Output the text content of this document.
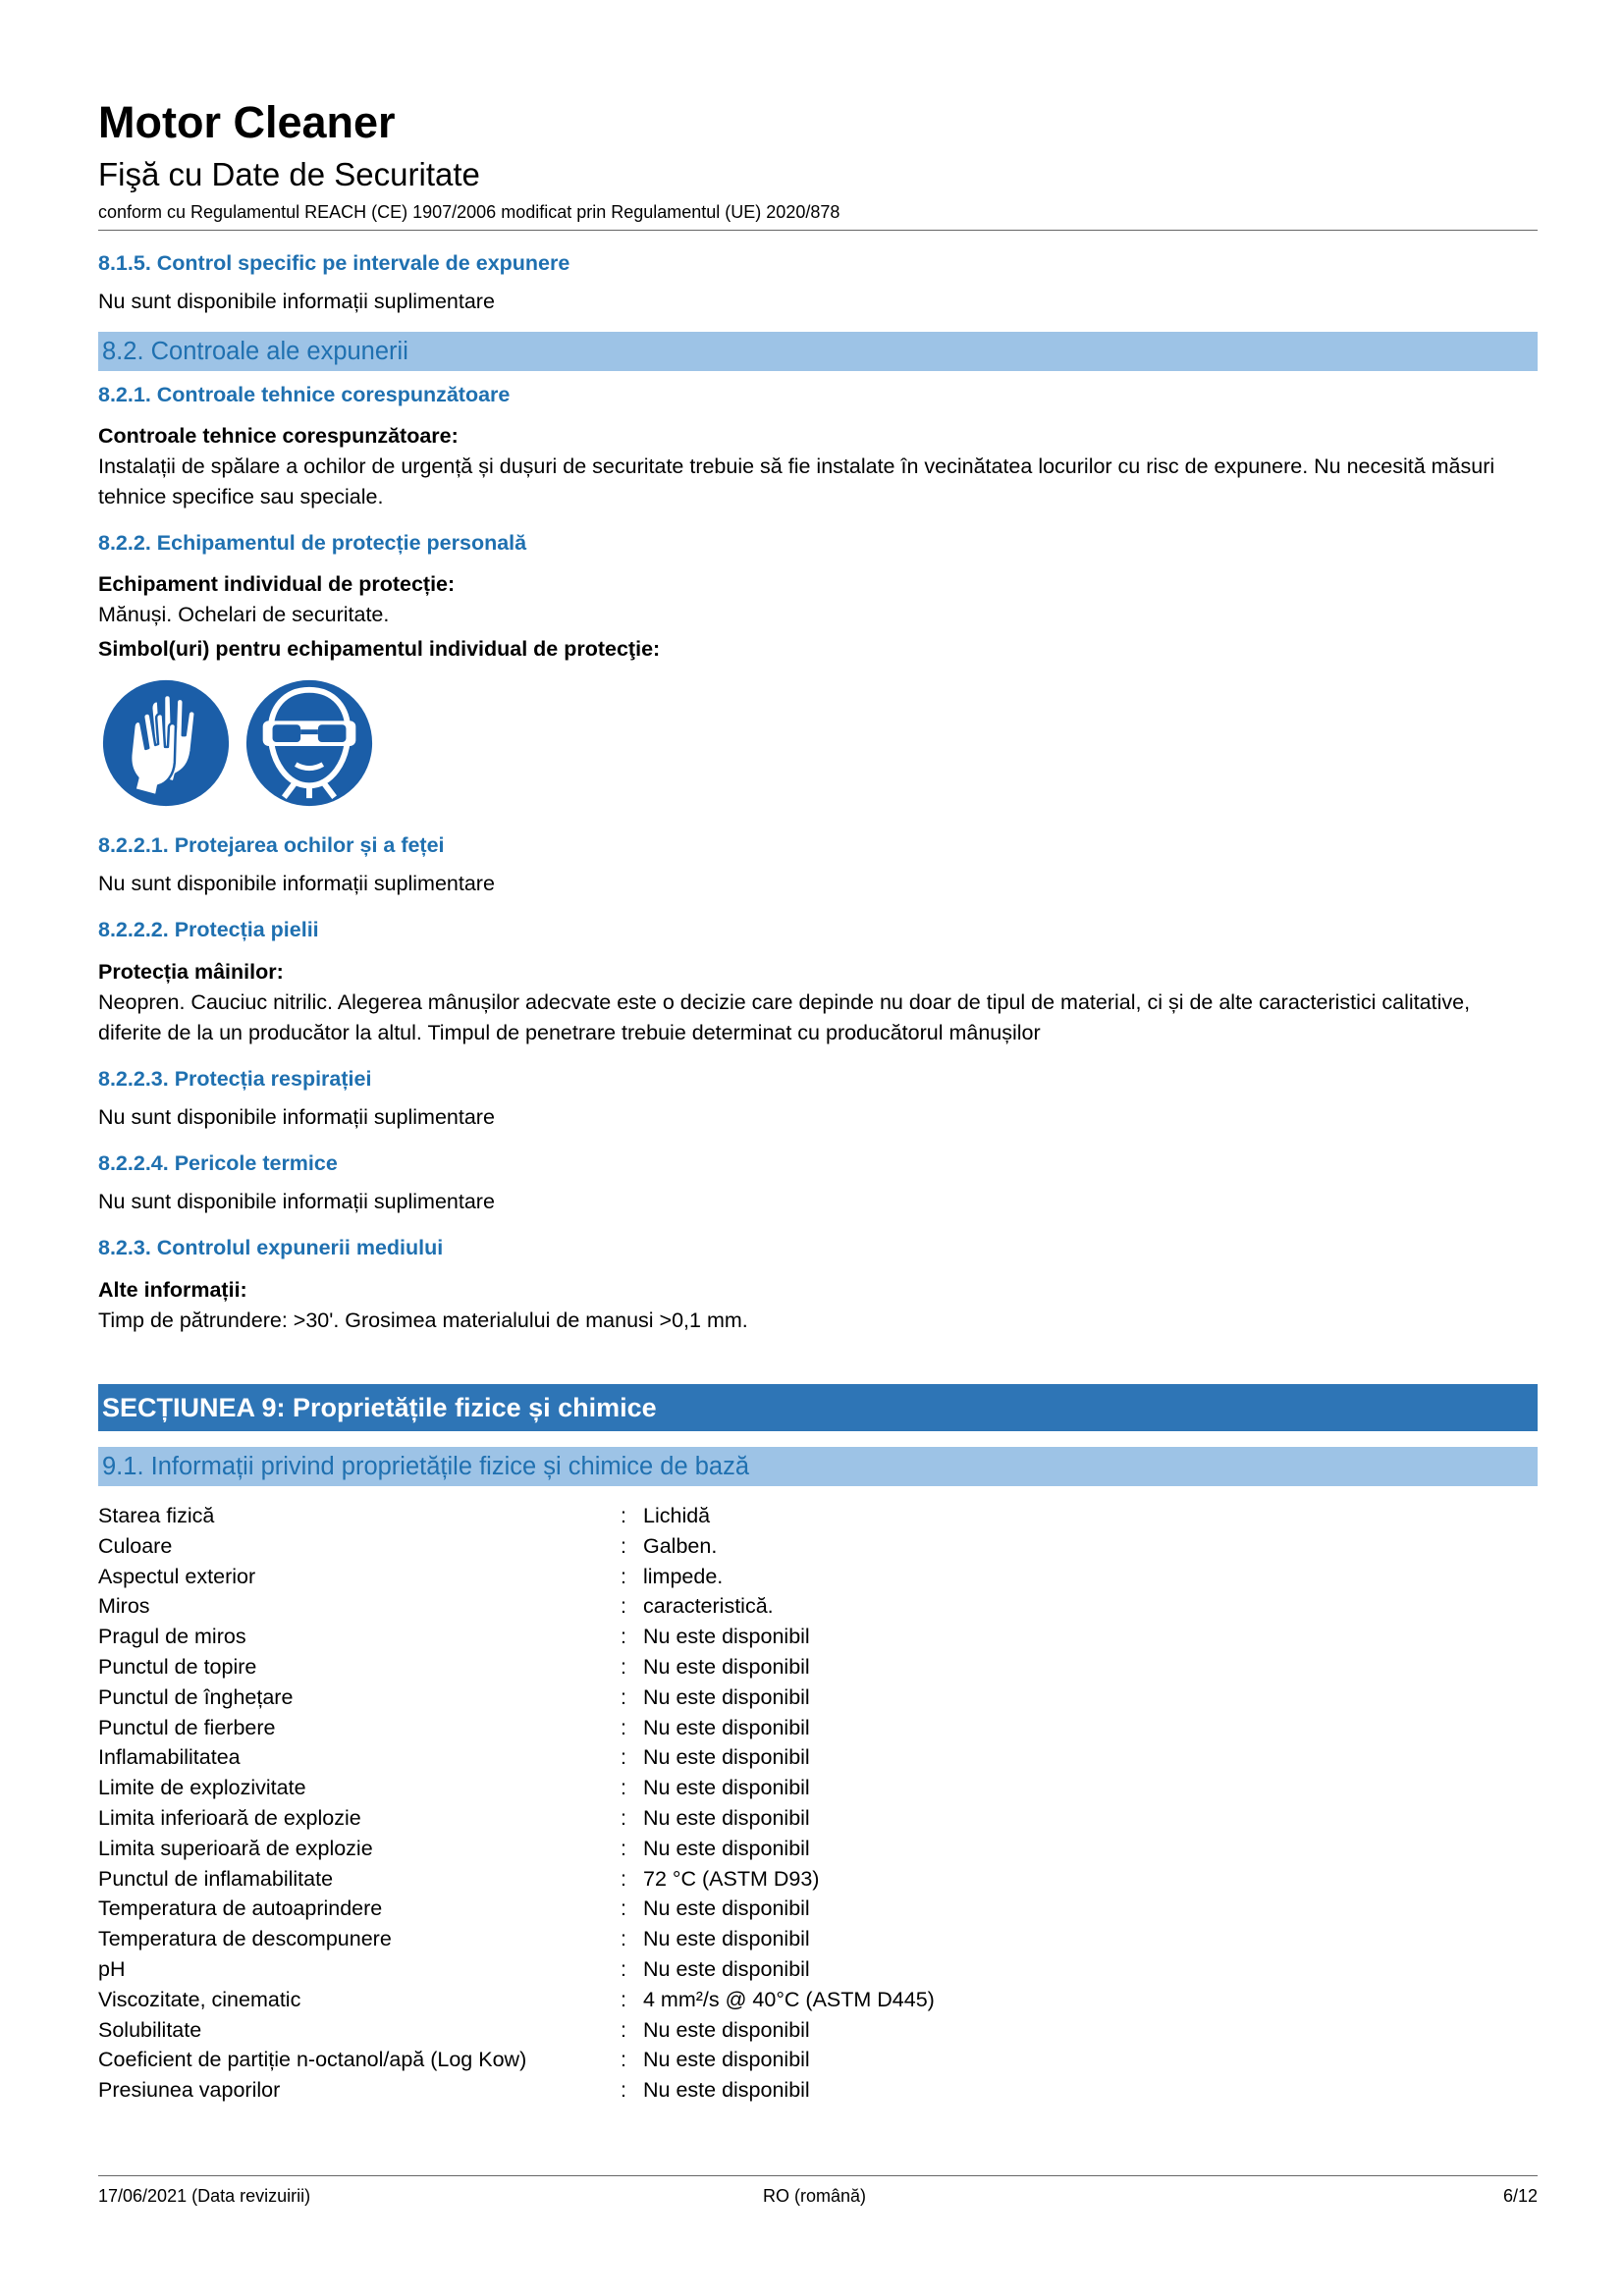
Motor Cleaner
Fişă cu Date de Securitate
conform cu Regulamentul REACH (CE) 1907/2006 modificat prin Regulamentul (UE) 2020/878

8.1.5. Control specific pe intervale de expunere

Nu sunt disponibile informații suplimentare

8.2. Controale ale expunerii

8.2.1. Controale tehnice corespunzătoare

Controale tehnice corespunzătoare:

Instalații de spălare a ochilor de urgență și dușuri de securitate trebuie să fie instalate în vecinătatea locurilor cu risc de expunere. Nu necesită măsuri tehnice specifice sau speciale.

8.2.2. Echipamentul de protecție personală

Echipament individual de protecție:

Mănuși. Ochelari de securitate.

Simbol(uri) pentru echipamentul individual de protecţie:

8.2.2.1. Protejarea ochilor și a feței

Nu sunt disponibile informații suplimentare

8.2.2.2. Protecția pielii

Protecția mâinilor:

Neopren. Cauciuc nitrilic. Alegerea mânușilor adecvate este o decizie care depinde nu doar de tipul de material, ci și de alte caracteristici calitative, diferite de la un producător la altul. Timpul de penetrare trebuie determinat cu producătorul mânușilor

8.2.2.3. Protecția respirației

Nu sunt disponibile informații suplimentare

8.2.2.4. Pericole termice

Nu sunt disponibile informații suplimentare

8.2.3. Controlul expunerii mediului

Alte informații:

Timp de pătrundere: >30'. Grosimea materialului de manusi >0,1 mm.

SECȚIUNEA 9: Proprietățile fizice și chimice
9.1. Informații privind proprietățile fizice și chimice de bază
Starea fizică	: Lichidă
Culoare	: Galben.
Aspectul exterior	: limpede.
Miros	: caracteristică.
Pragul de miros	: Nu este disponibil
Punctul de topire	: Nu este disponibil
Punctul de înghețare	: Nu este disponibil
Punctul de fierbere	: Nu este disponibil
Inflamabilitatea	: Nu este disponibil
Limite de explozivitate	: Nu este disponibil
Limita inferioară de explozie	: Nu este disponibil
Limita superioară de explozie	: Nu este disponibil
Punctul de inflamabilitate	: 72 °C (ASTM D93)
Temperatura de autoaprindere	: Nu este disponibil
Temperatura de descompunere	: Nu este disponibil
pH	: Nu este disponibil
Viscozitate, cinematic	: 4 mm²/s @ 40°C (ASTM D445)
Solubilitate	: Nu este disponibil
Coeficient de partiție n-octanol/apă (Log Kow)	: Nu este disponibil
Presiunea vaporilor	: Nu este disponibil
17/06/2021 (Data revizuirii)	RO (română)	6/12
